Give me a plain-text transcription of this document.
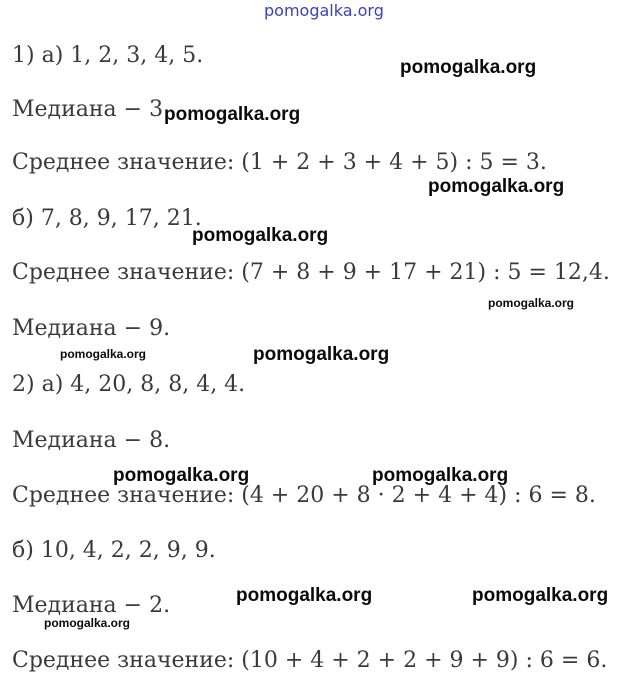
pomogalka.org
1) а) 1, 2, 3, 4, 5.
Медиана − 3
Среднее значение: (1 + 2 + 3 + 4 + 5) : 5 = 3.
б) 7, 8, 9, 17, 21.
Среднее значение: (7 + 8 + 9 + 17 + 21) : 5 = 12,4.
Медиана − 9.
2) а) 4, 20, 8, 8, 4, 4.
Медиана − 8.
Среднее значение: (4 + 20 + 8 · 2 + 4 + 4) : 6 = 8.
б) 10, 4, 2, 2, 9, 9.
Медиана − 2.
Среднее значение: (10 + 4 + 2 + 2 + 9 + 9) : 6 = 6.
pomogalka.org
pomogalka.org
pomogalka.org
pomogalka.org
pomogalka.org
pomogalka.org	pomogalka.org
pomogalka.org	pomogalka.org
pomogalka.org	pomogalka.org
pomogalka.org
